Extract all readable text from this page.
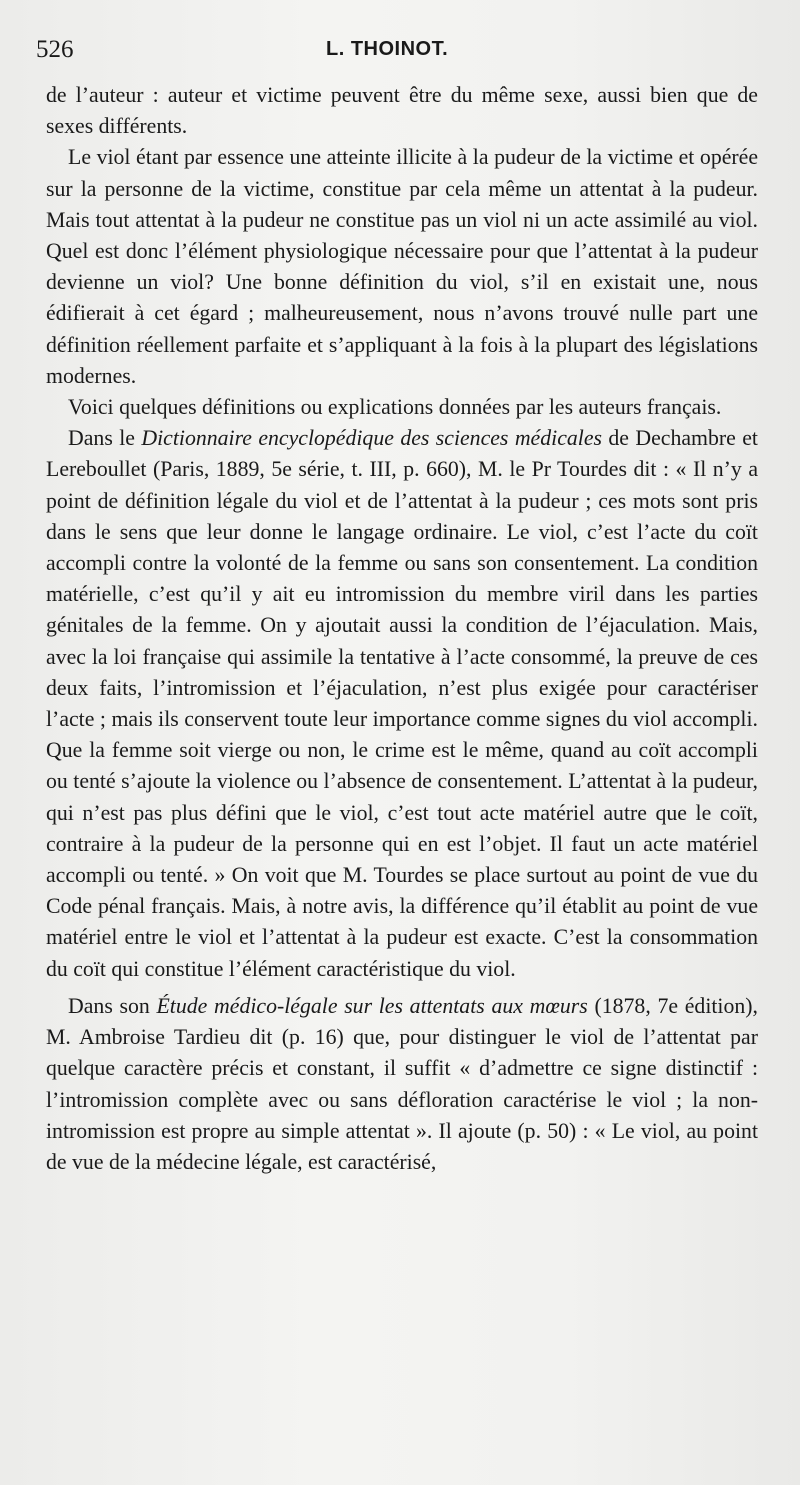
526	L. THOINOT.

de l’auteur : auteur et victime peuvent être du même sexe, aussi bien que de sexes différents.

Le viol étant par essence une atteinte illicite à la pudeur de la victime et opérée sur la personne de la victime, constitue par cela même un attentat à la pudeur. Mais tout attentat à la pudeur ne constitue pas un viol ni un acte assimilé au viol. Quel est donc l’élément physiologique nécessaire pour que l’attentat à la pudeur devienne un viol? Une bonne définition du viol, s’il en existait une, nous édifierait à cet égard ; malheureusement, nous n’avons trouvé nulle part une définition réellement parfaite et s’appliquant à la fois à la plupart des législations modernes.

Voici quelques définitions ou explications données par les auteurs français.

Dans le Dictionnaire encyclopédique des sciences médicales de Dechambre et Lereboullet (Paris, 1889, 5e série, t. III, p. 660), M. le Pr Tourdes dit : « Il n’y a point de définition légale du viol et de l’attentat à la pudeur ; ces mots sont pris dans le sens que leur donne le langage ordinaire. Le viol, c’est l’acte du coït accompli contre la volonté de la femme ou sans son consentement. La condition matérielle, c’est qu’il y ait eu intromission du membre viril dans les parties génitales de la femme. On y ajoutait aussi la condition de l’éjaculation. Mais, avec la loi française qui assimile la tentative à l’acte consommé, la preuve de ces deux faits, l’intromission et l’éjaculation, n’est plus exigée pour caractériser l’acte ; mais ils conservent toute leur importance comme signes du viol accompli. Que la femme soit vierge ou non, le crime est le même, quand au coït accompli ou tenté s’ajoute la violence ou l’absence de consentement. L’attentat à la pudeur, qui n’est pas plus défini que le viol, c’est tout acte matériel autre que le coït, contraire à la pudeur de la personne qui en est l’objet. Il faut un acte matériel accompli ou tenté. » On voit que M. Tourdes se place surtout au point de vue du Code pénal français. Mais, à notre avis, la différence qu’il établit au point de vue matériel entre le viol et l’attentat à la pudeur est exacte. C’est la consommation du coït qui constitue l’élément caractéristique du viol.

Dans son Étude médico-légale sur les attentats aux mœurs (1878, 7e édition), M. Ambroise Tardieu dit (p. 16) que, pour distinguer le viol de l’attentat par quelque caractère précis et constant, il suffit « d’admettre ce signe distinctif : l’intromission complète avec ou sans défloration caractérise le viol ; la non-intromission est propre au simple attentat ». Il ajoute (p. 50) : « Le viol, au point de vue de la médecine légale, est caractérisé,
